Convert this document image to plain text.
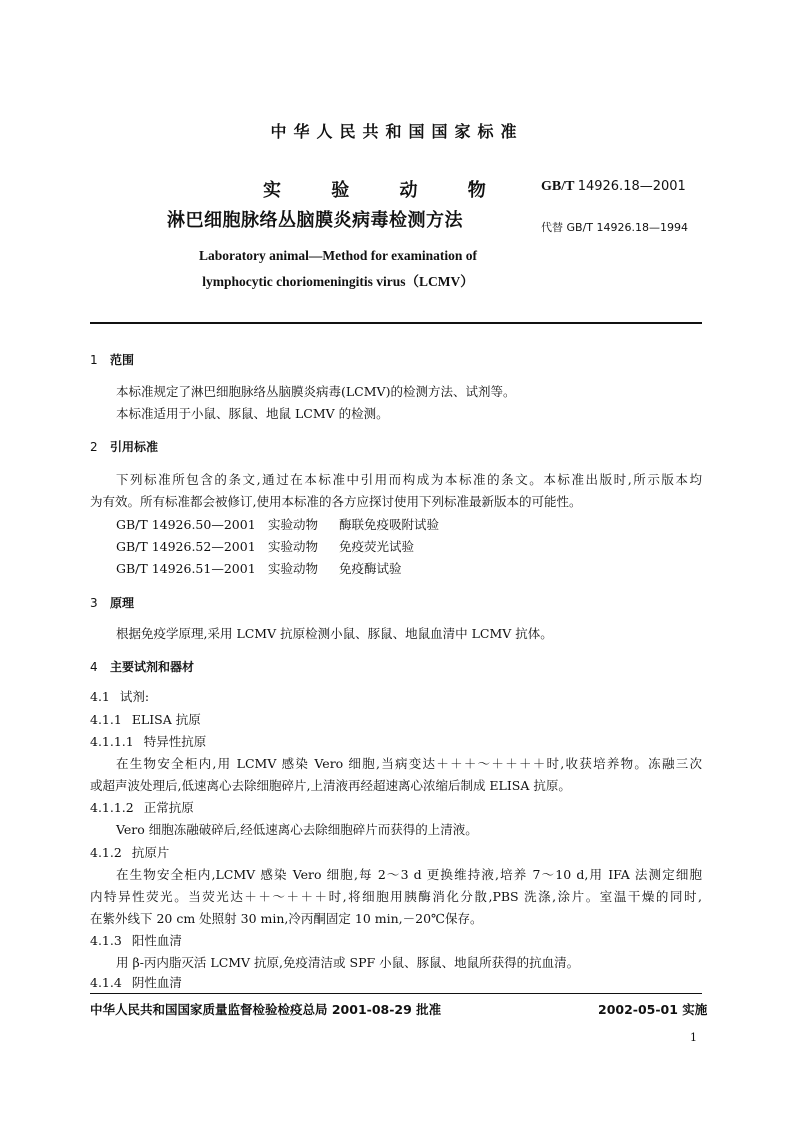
中华人民共和国国家标准
实 验 动 物
淋巴细胞脉络丛脑膜炎病毒检测方法
GB/T 14926.18—2001
代替 GB/T 14926.18—1994
Laboratory animal—Method for examination of
lymphocytic choriomeningitis virus（LCMV）
1 范围
本标准规定了淋巴细胞脉络丛脑膜炎病毒(LCMV)的检测方法、试剂等。
本标准适用于小鼠、豚鼠、地鼠 LCMV 的检测。
2 引用标准
下列标准所包含的条文,通过在本标准中引用而构成为本标准的条文。本标准出版时,所示版本均
为有效。所有标准都会被修订,使用本标准的各方应探讨使用下列标准最新版本的可能性。
GB/T 14926.50—2001 实验动物 酶联免疫吸附试验
GB/T 14926.52—2001 实验动物 免疫荧光试验
GB/T 14926.51—2001 实验动物 免疫酶试验
3 原理
根据免疫学原理,采用 LCMV 抗原检测小鼠、豚鼠、地鼠血清中 LCMV 抗体。
4 主要试剂和器材
4.1 试剂:
4.1.1 ELISA 抗原
4.1.1.1 特异性抗原
在生物安全柜内,用 LCMV 感染 Vero 细胞,当病变达＋＋＋～＋＋＋＋时,收获培养物。冻融三次
或超声波处理后,低速离心去除细胞碎片,上清液再经超速离心浓缩后制成 ELISA 抗原。
4.1.1.2 正常抗原
Vero 细胞冻融破碎后,经低速离心去除细胞碎片而获得的上清液。
4.1.2 抗原片
在生物安全柜内,LCMV 感染 Vero 细胞,每 2～3 d 更换维持液,培养 7～10 d,用 IFA 法测定细胞
内特异性荧光。当荧光达＋＋～＋＋＋时,将细胞用胰酶消化分散,PBS 洗涤,涂片。室温干燥的同时,
在紫外线下 20 cm 处照射 30 min,冷丙酮固定 10 min,－20℃保存。
4.1.3 阳性血清
用 β-丙内脂灭活 LCMV 抗原,免疫清洁或 SPF 小鼠、豚鼠、地鼠所获得的抗血清。
4.1.4 阴性血清
中华人民共和国国家质量监督检验检疫总局 2001-08-29 批准	2002-05-01 实施
1
